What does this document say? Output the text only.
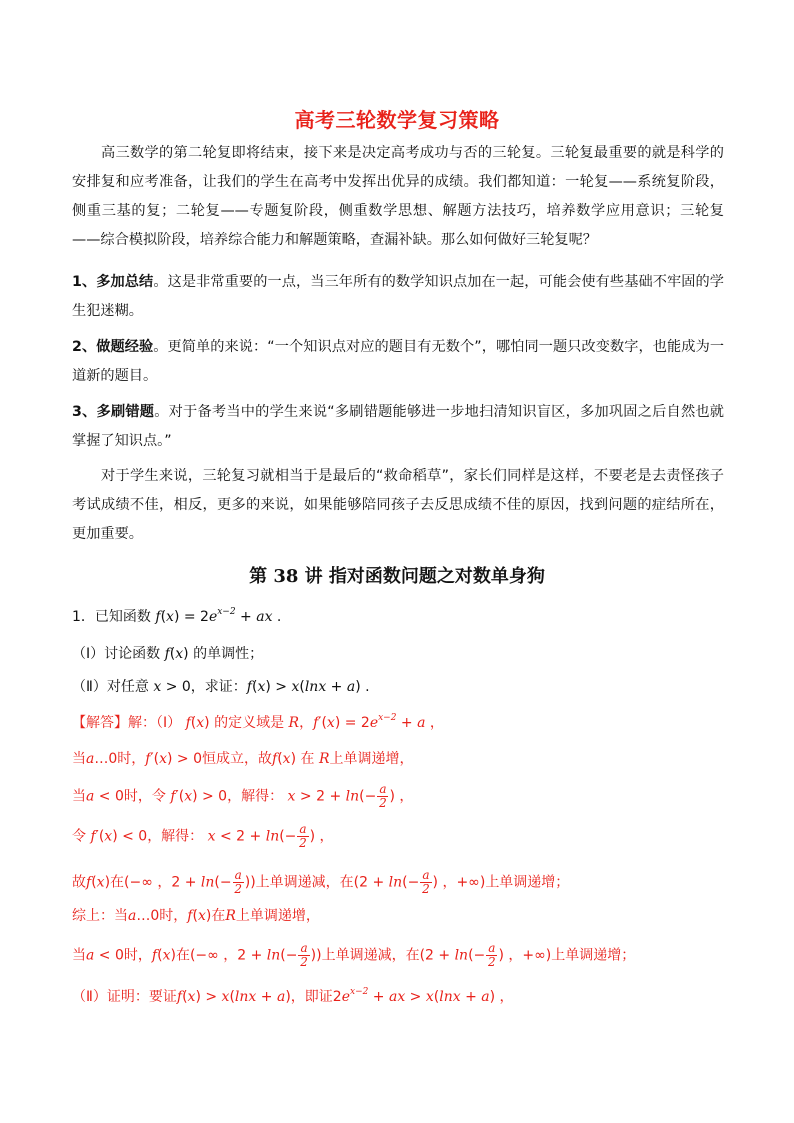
高考三轮数学复习策略
高三数学的第二轮复即将结束，接下来是决定高考成功与否的三轮复。三轮复最重要的就是科学的安排复和应考准备，让我们的学生在高考中发挥出优异的成绩。我们都知道：一轮复——系统复阶段，侧重三基的复；二轮复——专题复阶段，侧重数学思想、解题方法技巧，培养数学应用意识；三轮复——综合模拟阶段，培养综合能力和解题策略，查漏补缺。那么如何做好三轮复呢？
1、多加总结。这是非常重要的一点，当三年所有的数学知识点加在一起，可能会使有些基础不牢固的学生犯迷糊。
2、做题经验。更简单的来说：“一个知识点对应的题目有无数个”，哪怕同一题只改变数字，也能成为一道新的题目。
3、多刷错题。对于备考当中的学生来说“多刷错题能够进一步地扫清知识盲区，多加巩固之后自然也就掌握了知识点。”
对于学生来说，三轮复习就相当于是最后的“救命稻草”，家长们同样是这样，不要老是去责怪孩子考试成绩不佳，相反，更多的来说，如果能够陪同孩子去反思成绩不佳的原因，找到问题的症结所在，更加重要。
第 38 讲 指对函数问题之对数单身狗
1．已知函数 $f(x) = 2e^{x-2}$ + ax .
（Ⅰ）讨论函数 f(x) 的单调性；
（Ⅱ）对任意 x > 0，求证：f(x) > x(lnx + a) .
【解答】解：（Ⅰ） f(x) 的定义域是 R，$f'(x) = 2e^{x-2} + a$ ，
当a…0时，f′(x) > 0恒成立，故f(x) 在 R上单调递增，
当a < 0时，令 f′(x) > 0，解得： $x > 2 + \ln(- \frac{a}{2}$ ) ，
令 f′(x) < 0，解得： $x < 2 + \ln(- \frac{a}{2}$ ) ，
故f(x)在(−∞ ，$2 + \ln(- \frac{a}{2}$ ))上单调递减，在($2 + \ln(- \frac{a}{2}$ ) ，+∞)上单调递增；
综上：当a…0时，f(x)在R上单调递增，
当a < 0时，f(x)在(−∞ ，$2 + \ln(- \frac{a}{2}$ ))上单调递减，在($2 + \ln(- \frac{a}{2}$ ) ，+∞)上单调递增；
（Ⅱ）证明：要证f(x) > x(lnx + a)，即证$2e^{x-2}$ + ax > x(lnx + a) ，
